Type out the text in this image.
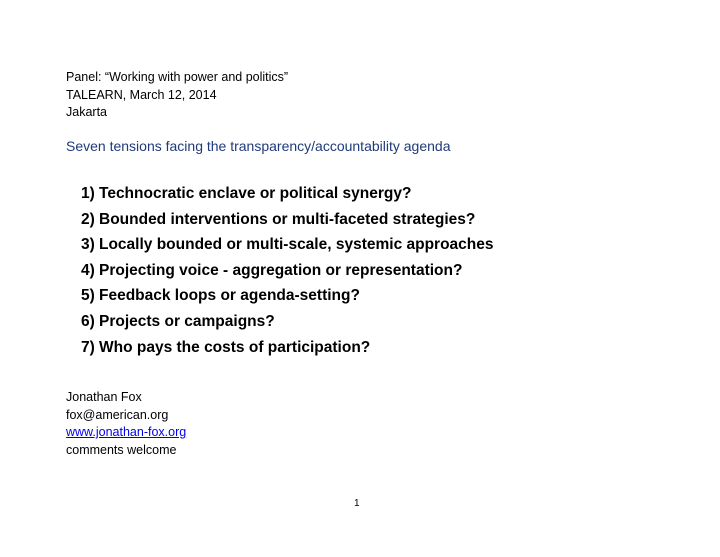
Panel: “Working with power and politics”
TALEARN, March 12, 2014
Jakarta
Seven tensions facing the transparency/accountability agenda
1) Technocratic enclave or political synergy?
2) Bounded interventions or multi-faceted strategies?
3) Locally bounded or multi-scale, systemic approaches
4) Projecting voice - aggregation or representation?
5) Feedback loops or agenda-setting?
6) Projects or campaigns?
7) Who pays the costs of participation?
Jonathan Fox
fox@american.org
www.jonathan-fox.org
comments welcome
1
